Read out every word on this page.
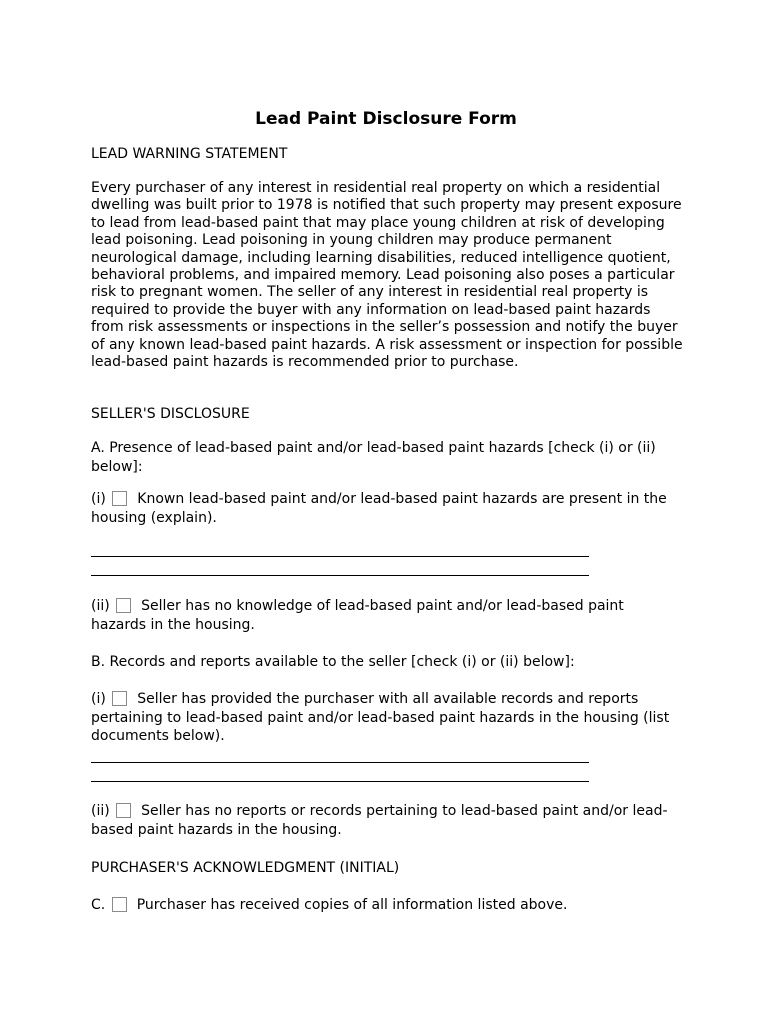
Lead Paint Disclosure Form
LEAD WARNING STATEMENT
Every purchaser of any interest in residential real property on which a residential dwelling was built prior to 1978 is notified that such property may present exposure to lead from lead-based paint that may place young children at risk of developing lead poisoning. Lead poisoning in young children may produce permanent neurological damage, including learning disabilities, reduced intelligence quotient, behavioral problems, and impaired memory. Lead poisoning also poses a particular risk to pregnant women. The seller of any interest in residential real property is required to provide the buyer with any information on lead-based paint hazards from risk assessments or inspections in the seller’s possession and notify the buyer of any known lead-based paint hazards. A risk assessment or inspection for possible lead-based paint hazards is recommended prior to purchase.
SELLER'S DISCLOSURE
A. Presence of lead-based paint and/or lead-based paint hazards [check (i) or (ii) below]:
(i) Known lead-based paint and/or lead-based paint hazards are present in the housing (explain).
(ii) Seller has no knowledge of lead-based paint and/or lead-based paint hazards in the housing.
B. Records and reports available to the seller [check (i) or (ii) below]:
(i) Seller has provided the purchaser with all available records and reports pertaining to lead-based paint and/or lead-based paint hazards in the housing (list documents below).
(ii) Seller has no reports or records pertaining to lead-based paint and/or lead-based paint hazards in the housing.
PURCHASER'S ACKNOWLEDGMENT (INITIAL)
C. Purchaser has received copies of all information listed above.
